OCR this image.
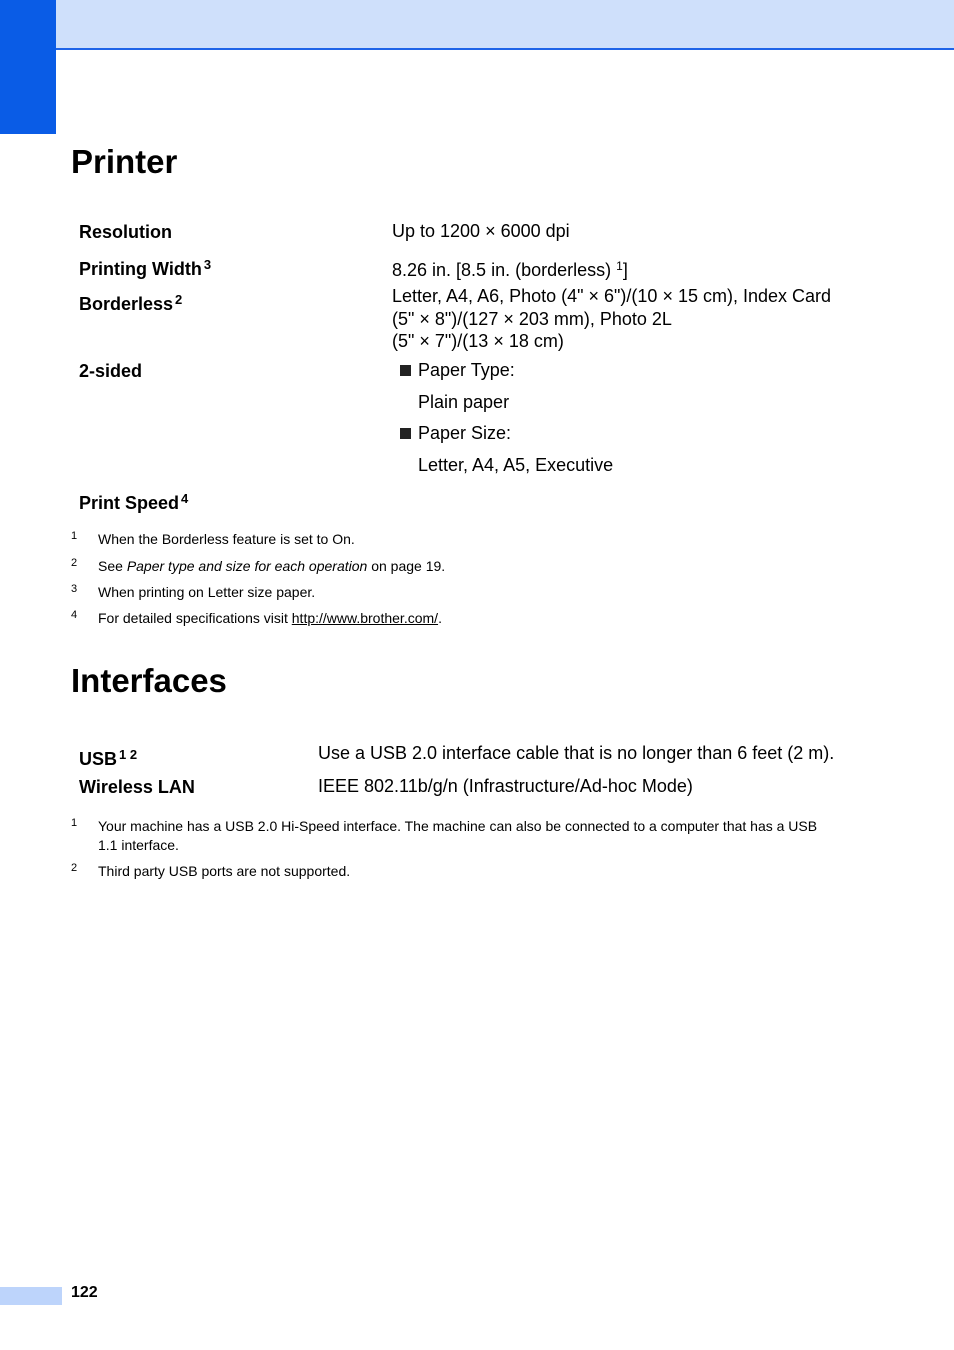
Printer
Resolution	Up to 1200 × 6000 dpi
Printing Width $^3$	8.26 in. [8.5 in. (borderless) $^1$]
Borderless $^2$	Letter, A4, A6, Photo (4" × 6")/(10 × 15 cm), Index Card
(5" × 8")/(127 × 203 mm), Photo 2L
(5" × 7")/(13 × 18 cm)
2-sided	Paper Type:
Plain paper
Paper Size:
Letter, A4, A5, Executive
Print Speed $^4$
1 When the Borderless feature is set to On.
2 See Paper type and size for each operation on page 19.
3 When printing on Letter size paper.
4 For detailed specifications visit http://www.brother.com/.
Interfaces
USB $^{1 2}$	Use a USB 2.0 interface cable that is no longer than 6 feet (2 m).
Wireless LAN	IEEE 802.11b/g/n (Infrastructure/Ad-hoc Mode)
1 Your machine has a USB 2.0 Hi-Speed interface. The machine can also be connected to a computer that has a USB
1.1 interface.
2 Third party USB ports are not supported.
122
